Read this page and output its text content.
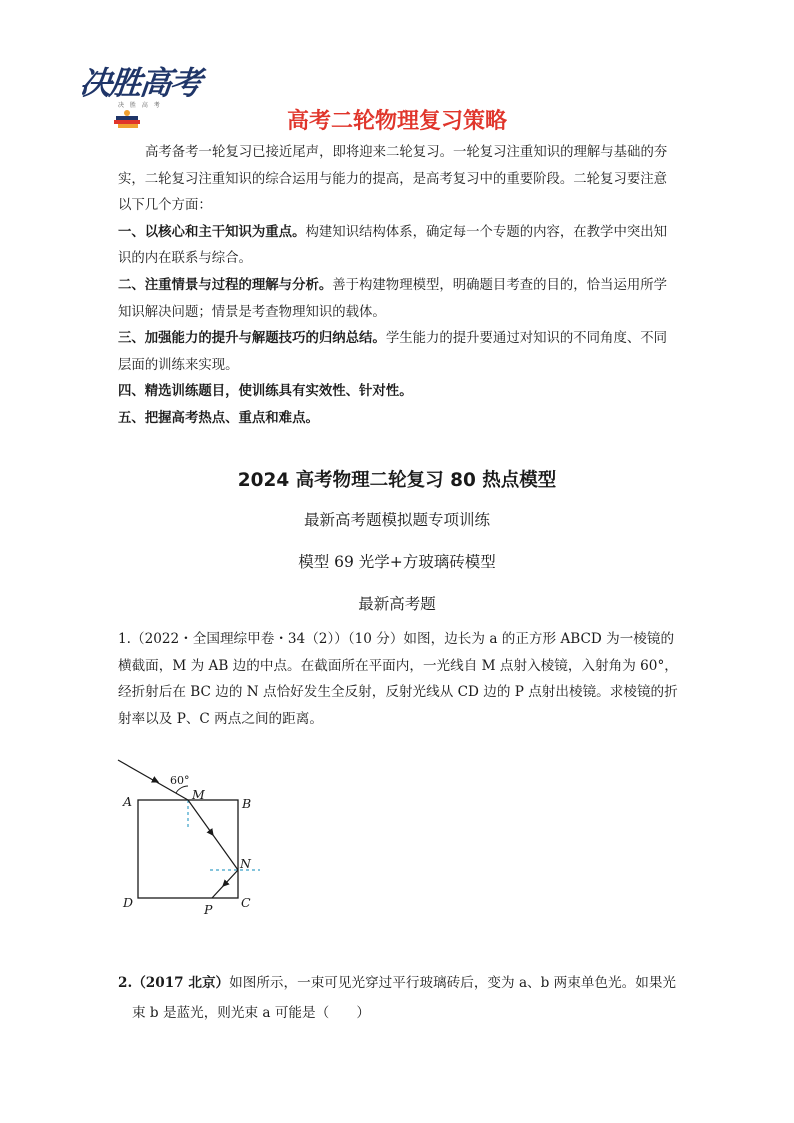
决胜高考
决 胜 高 考
高考二轮物理复习策略

高考备考一轮复习已接近尾声，即将迎来二轮复习。一轮复习注重知识的理解与基础的夯实，二轮复习注重知识的综合运用与能力的提高，是高考复习中的重要阶段。二轮复习要注意以下几个方面：

一、以核心和主干知识为重点。构建知识结构体系，确定每一个专题的内容，在教学中突出知识的内在联系与综合。

二、注重情景与过程的理解与分析。善于构建物理模型，明确题目考查的目的，恰当运用所学知识解决问题；情景是考查物理知识的载体。

三、加强能力的提升与解题技巧的归纳总结。学生能力的提升要通过对知识的不同角度、不同层面的训练来实现。

四、精选训练题目，使训练具有实效性、针对性。

五、把握高考热点、重点和难点。

2024 高考物理二轮复习 80 热点模型
最新高考题模拟题专项训练
模型 69 光学+方玻璃砖模型
最新高考题

1.（2022・全国理综甲卷・34（2））（10 分）如图，边长为 a 的正方形 ABCD 为一棱镜的横截面，M 为 AB 边的中点。在截面所在平面内，一光线自 M 点射入棱镜，入射角为 60°，经折射后在 BC 边的 N 点恰好发生全反射，反射光线从 CD 边的 P 点射出棱镜。求棱镜的折射率以及 P、C 两点之间的距离。

60°
A	B
M
N
C
D	P

2.（2017 北京）如图所示，一束可见光穿过平行玻璃砖后，变为 a、b 两束单色光。如果光

束 b 是蓝光，则光束 a 可能是（　　）
